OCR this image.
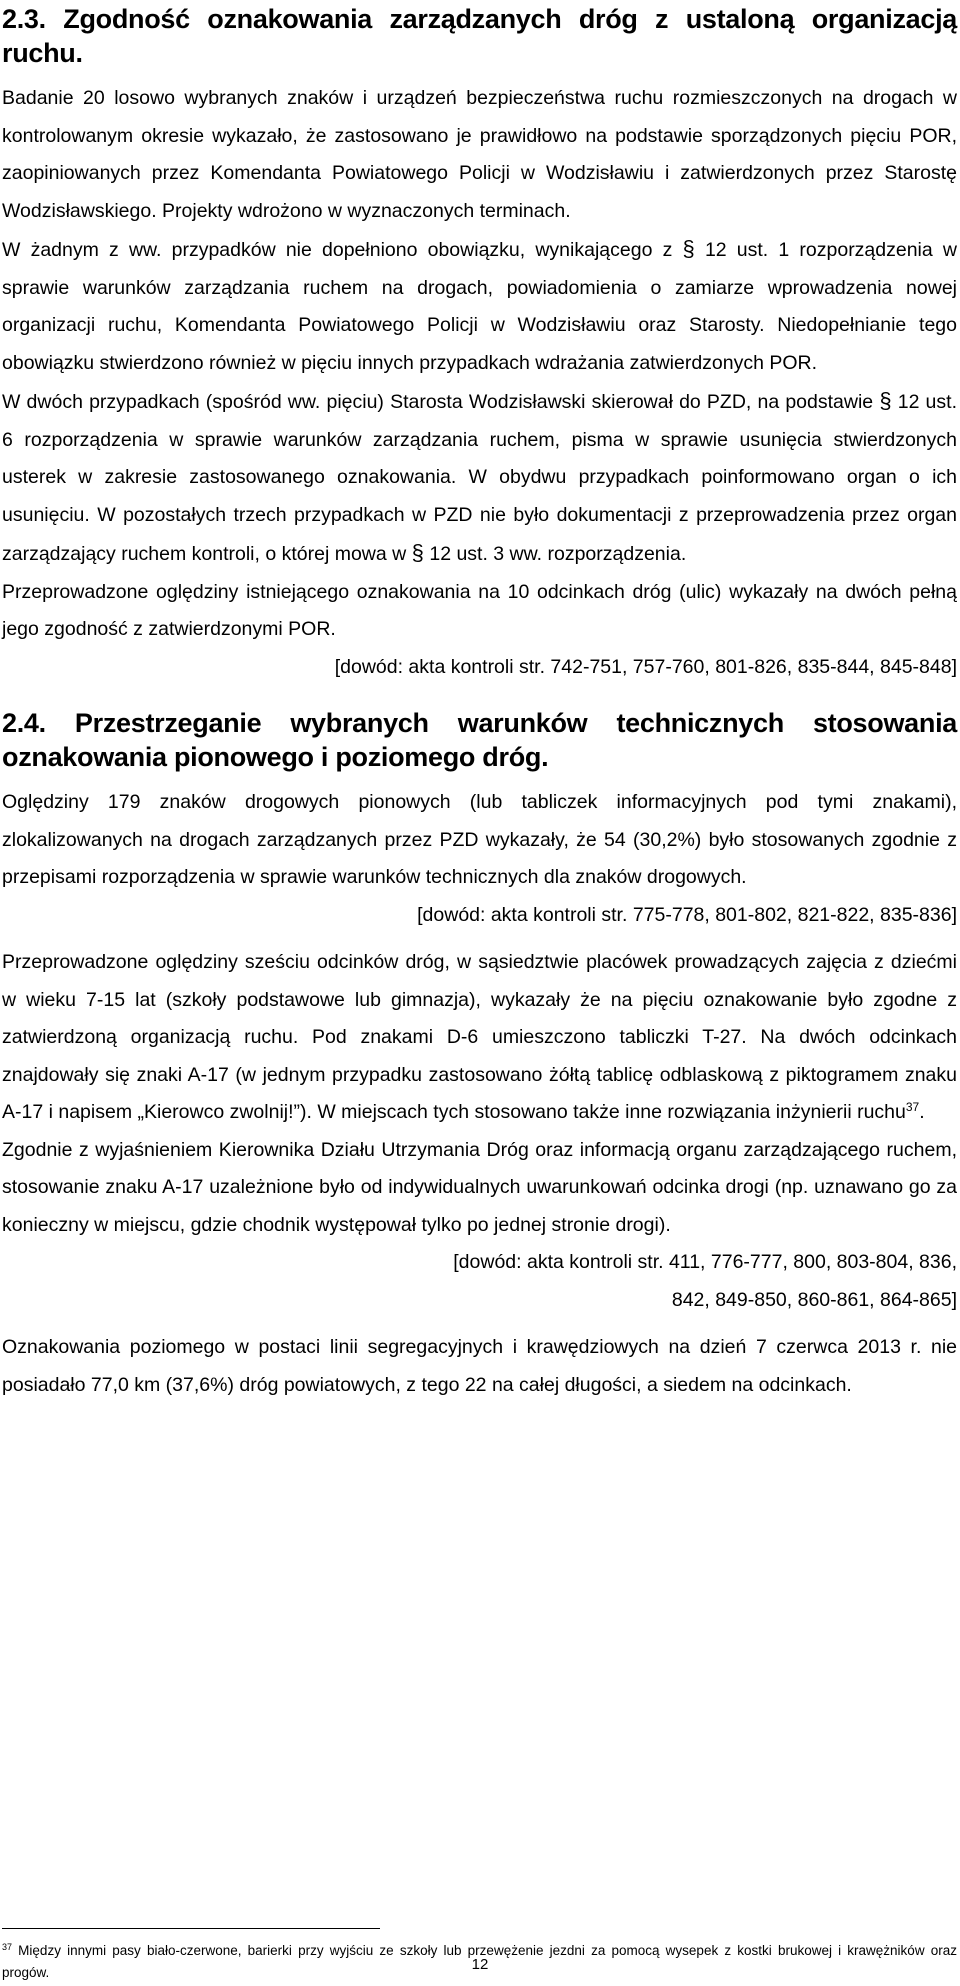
2.3. Zgodność oznakowania zarządzanych dróg z ustaloną organizacją ruchu.

Badanie 20 losowo wybranych znaków i urządzeń bezpieczeństwa ruchu rozmieszczonych na drogach w kontrolowanym okresie wykazało, że zastosowano je prawidłowo na podstawie sporządzonych pięciu POR, zaopiniowanych przez Komendanta Powiatowego Policji w Wodzisławiu i zatwierdzonych przez Starostę Wodzisławskiego. Projekty wdrożono w wyznaczonych terminach.

W żadnym z ww. przypadków nie dopełniono obowiązku, wynikającego z § 12 ust. 1 rozporządzenia w sprawie warunków zarządzania ruchem na drogach, powiadomienia o zamiarze wprowadzenia nowej organizacji ruchu, Komendanta Powiatowego Policji w Wodzisławiu oraz Starosty. Niedopełnianie tego obowiązku stwierdzono również w pięciu innych przypadkach wdrażania zatwierdzonych POR.

W dwóch przypadkach (spośród ww. pięciu) Starosta Wodzisławski skierował do PZD, na podstawie § 12 ust. 6 rozporządzenia w sprawie warunków zarządzania ruchem, pisma w sprawie usunięcia stwierdzonych usterek w zakresie zastosowanego oznakowania. W obydwu przypadkach poinformowano organ o ich usunięciu. W pozostałych trzech przypadkach w PZD nie było dokumentacji z przeprowadzenia przez organ zarządzający ruchem kontroli, o której mowa w § 12 ust. 3 ww. rozporządzenia.

Przeprowadzone oględziny istniejącego oznakowania na 10 odcinkach dróg (ulic) wykazały na dwóch pełną jego zgodność z zatwierdzonymi POR.

[dowód: akta kontroli str. 742-751, 757-760, 801-826, 835-844, 845-848]

2.4. Przestrzeganie wybranych warunków technicznych stosowania oznakowania pionowego i poziomego dróg.

Oględziny 179 znaków drogowych pionowych (lub tabliczek informacyjnych pod tymi znakami), zlokalizowanych na drogach zarządzanych przez PZD wykazały, że 54 (30,2%) było stosowanych zgodnie z przepisami rozporządzenia w sprawie warunków technicznych dla znaków drogowych.

[dowód: akta kontroli str. 775-778, 801-802, 821-822, 835-836]

Przeprowadzone oględziny sześciu odcinków dróg, w sąsiedztwie placówek prowadzących zajęcia z dziećmi w wieku 7-15 lat (szkoły podstawowe lub gimnazja), wykazały że na pięciu oznakowanie było zgodne z zatwierdzoną organizacją ruchu. Pod znakami D-6 umieszczono tabliczki T-27. Na dwóch odcinkach znajdowały się znaki A-17 (w jednym przypadku zastosowano żółtą tablicę odblaskową z piktogramem znaku A-17 i napisem „Kierowco zwolnij!”). W miejscach tych stosowano także inne rozwiązania inżynierii ruchu$^{37}$.

Zgodnie z wyjaśnieniem Kierownika Działu Utrzymania Dróg oraz informacją organu zarządzającego ruchem, stosowanie znaku A-17 uzależnione było od indywidualnych uwarunkowań odcinka drogi (np. uznawano go za konieczny w miejscu, gdzie chodnik występował tylko po jednej stronie drogi).

[dowód: akta kontroli str. 411, 776-777, 800, 803-804, 836,

842, 849-850, 860-861, 864-865]

Oznakowania poziomego w postaci linii segregacyjnych i krawędziowych na dzień 7 czerwca 2013 r. nie posiadało 77,0 km (37,6%) dróg powiatowych, z tego 22 na całej długości, a siedem na odcinkach.

$^{37}$ Między innymi pasy biało-czerwone, barierki przy wyjściu ze szkoły lub przewężenie jezdni za pomocą wysepek z kostki brukowej i krawężników oraz progów.	12
